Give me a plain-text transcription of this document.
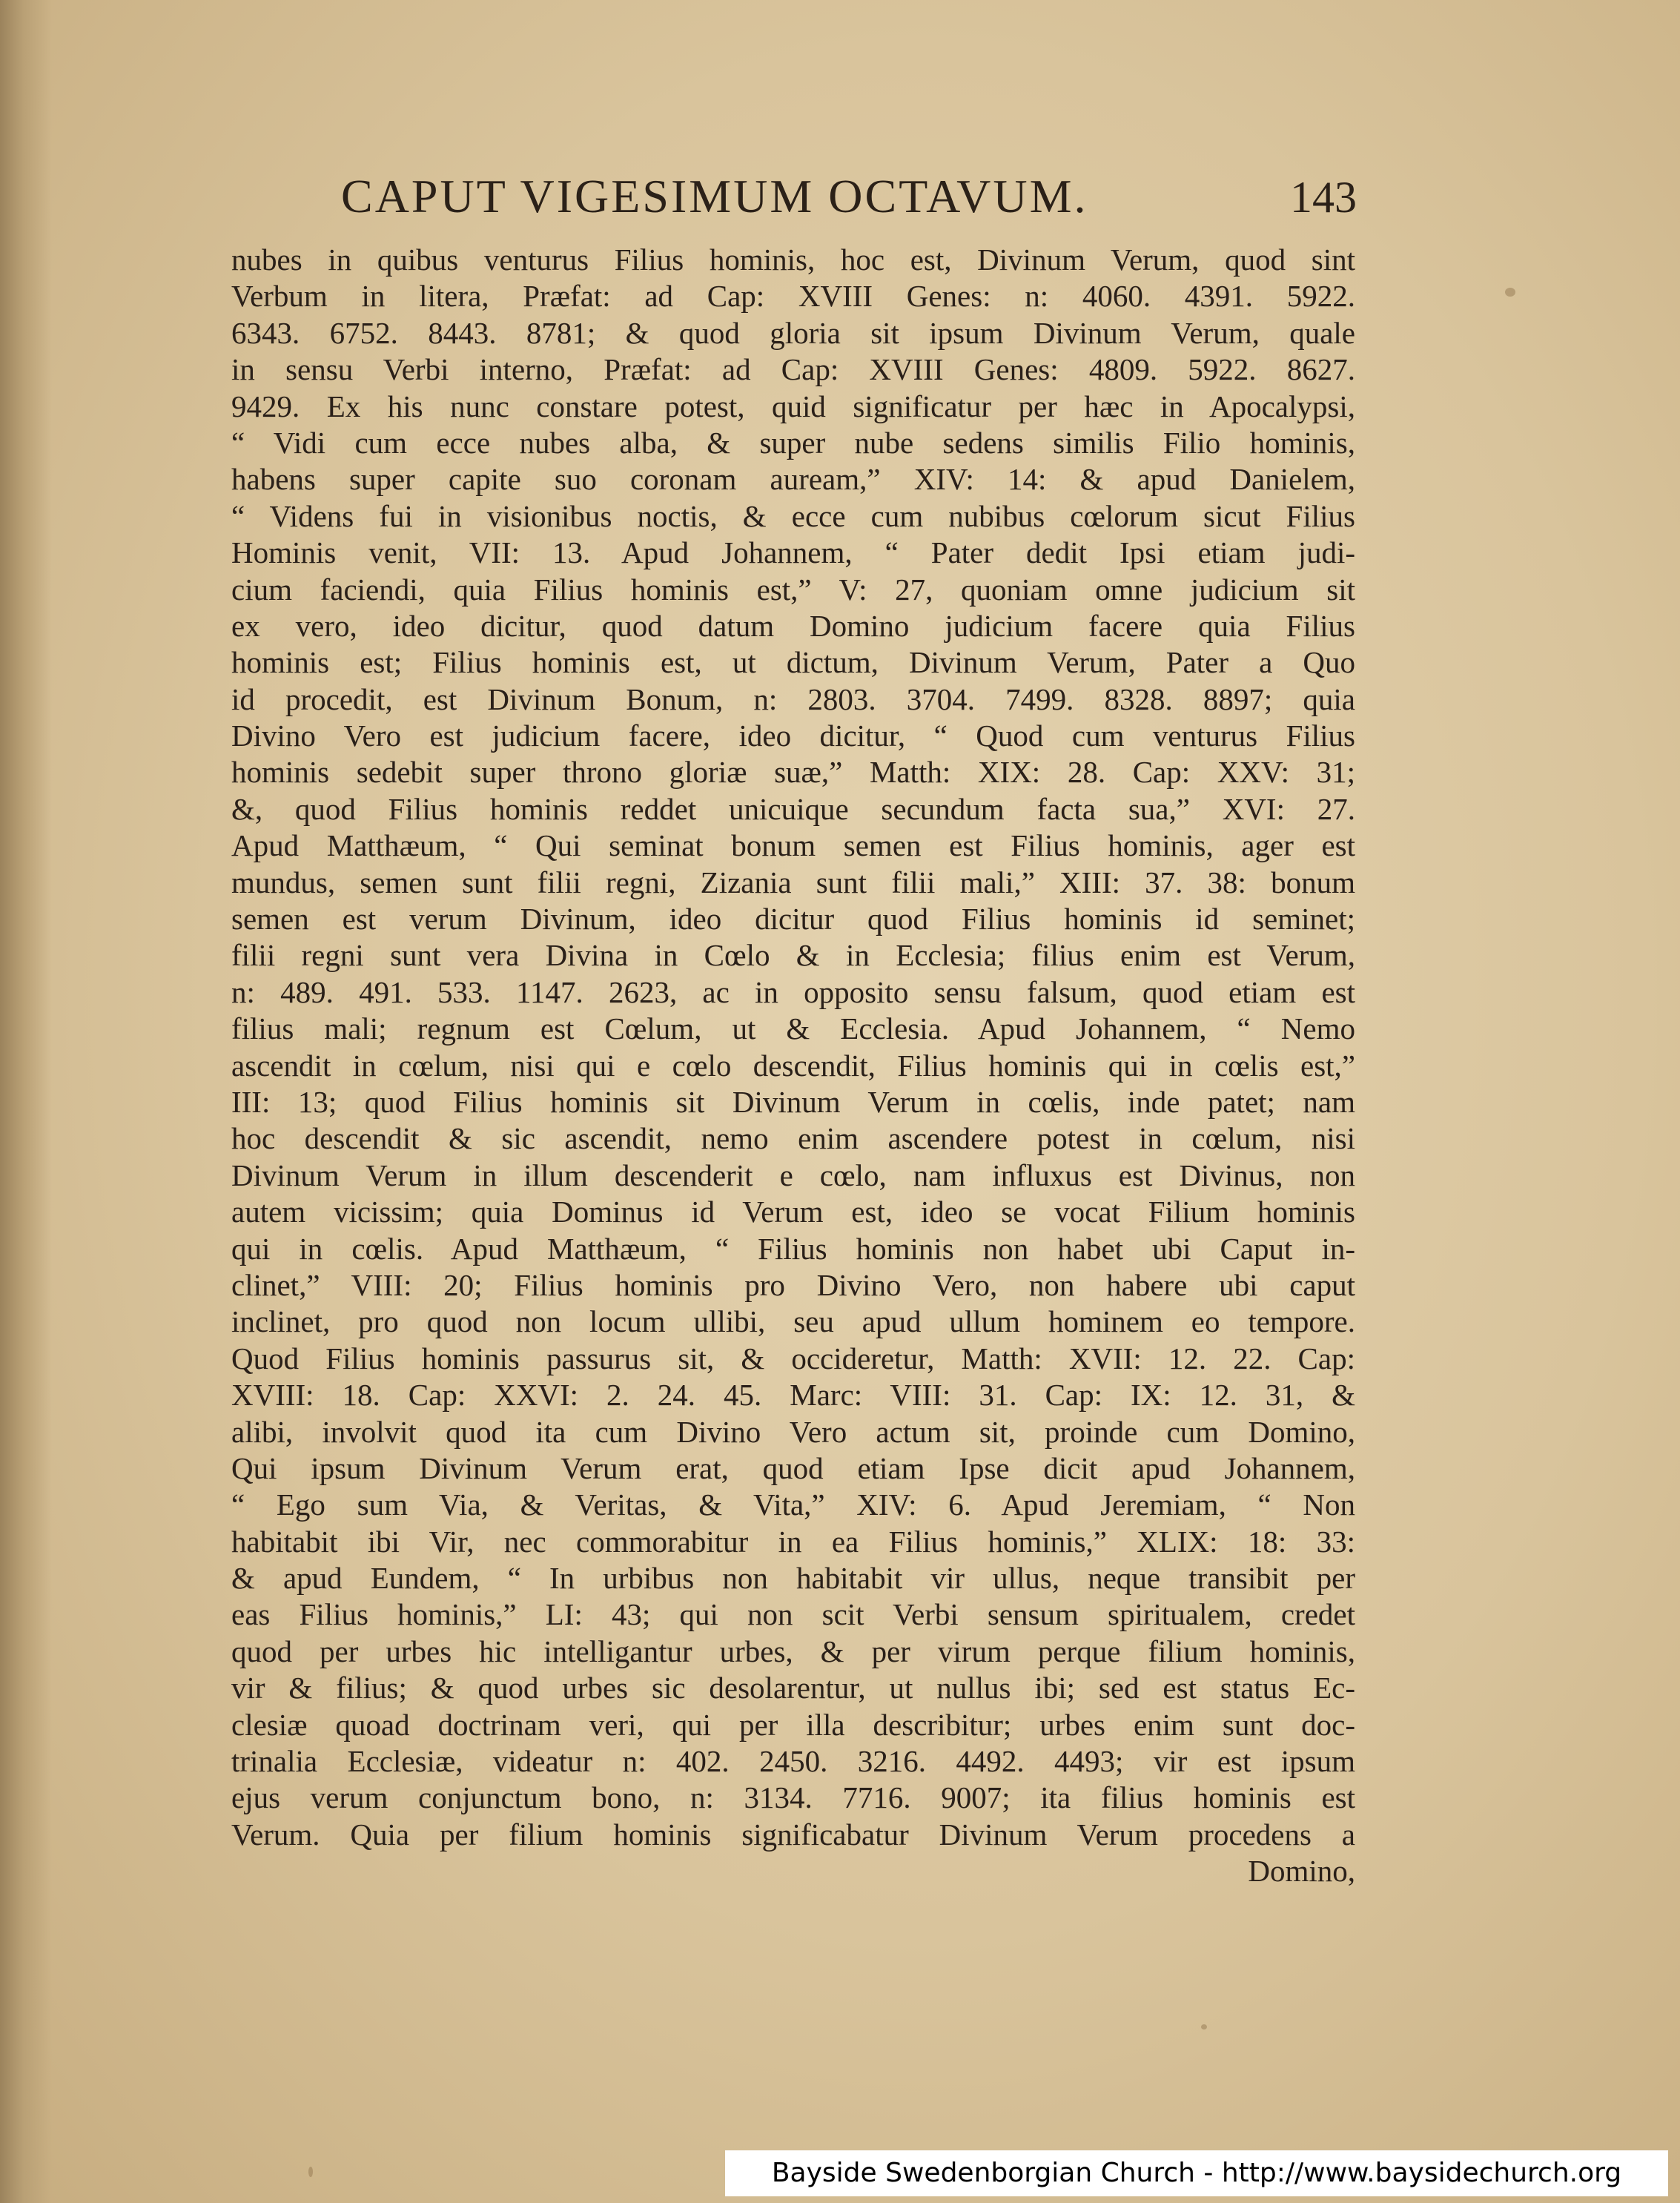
CAPUT VIGESIMUM OCTAVUM.	143
nubes in quibus venturus Filius hominis, hoc est, Divinum Verum, quod sint
Verbum in litera, Præfat: ad Cap: XVIII Genes: n: 4060. 4391. 5922.
6343. 6752. 8443. 8781; & quod gloria sit ipsum Divinum Verum, quale
in sensu Verbi interno, Præfat: ad Cap: XVIII Genes: 4809. 5922. 8627.
9429. Ex his nunc constare potest, quid significatur per hæc in Apocalypsi,
“ Vidi cum ecce nubes alba, & super nube sedens similis Filio hominis,
habens super capite suo coronam auream,” XIV: 14: & apud Danielem,
“ Videns fui in visionibus noctis, & ecce cum nubibus cœlorum sicut Filius
Hominis venit, VII: 13. Apud Johannem, “ Pater dedit Ipsi etiam judi-
cium faciendi, quia Filius hominis est,” V: 27, quoniam omne judicium sit
ex vero, ideo dicitur, quod datum Domino judicium facere quia Filius
hominis est; Filius hominis est, ut dictum, Divinum Verum, Pater a Quo
id procedit, est Divinum Bonum, n: 2803. 3704. 7499. 8328. 8897; quia
Divino Vero est judicium facere, ideo dicitur, “ Quod cum venturus Filius
hominis sedebit super throno gloriæ suæ,” Matth: XIX: 28. Cap: XXV: 31;
&, quod Filius hominis reddet unicuique secundum facta sua,” XVI: 27.
Apud Matthæum, “ Qui seminat bonum semen est Filius hominis, ager est
mundus, semen sunt filii regni, Zizania sunt filii mali,” XIII: 37. 38: bonum
semen est verum Divinum, ideo dicitur quod Filius hominis id seminet;
filii regni sunt vera Divina in Cœlo & in Ecclesia; filius enim est Verum,
n: 489. 491. 533. 1147. 2623, ac in opposito sensu falsum, quod etiam est
filius mali; regnum est Cœlum, ut & Ecclesia. Apud Johannem, “ Nemo
ascendit in cœlum, nisi qui e cœlo descendit, Filius hominis qui in cœlis est,”
III: 13; quod Filius hominis sit Divinum Verum in cœlis, inde patet; nam
hoc descendit & sic ascendit, nemo enim ascendere potest in cœlum, nisi
Divinum Verum in illum descenderit e cœlo, nam influxus est Divinus, non
autem vicissim; quia Dominus id Verum est, ideo se vocat Filium hominis
qui in cœlis. Apud Matthæum, “ Filius hominis non habet ubi Caput in-
clinet,” VIII: 20; Filius hominis pro Divino Vero, non habere ubi caput
inclinet, pro quod non locum ullibi, seu apud ullum hominem eo tempore.
Quod Filius hominis passurus sit, & occideretur, Matth: XVII: 12. 22. Cap:
XVIII: 18. Cap: XXVI: 2. 24. 45. Marc: VIII: 31. Cap: IX: 12. 31, &
alibi, involvit quod ita cum Divino Vero actum sit, proinde cum Domino,
Qui ipsum Divinum Verum erat, quod etiam Ipse dicit apud Johannem,
“ Ego sum Via, & Veritas, & Vita,” XIV: 6. Apud Jeremiam, “ Non
habitabit ibi Vir, nec commorabitur in ea Filius hominis,” XLIX: 18: 33:
& apud Eundem, “ In urbibus non habitabit vir ullus, neque transibit per
eas Filius hominis,” LI: 43; qui non scit Verbi sensum spiritualem, credet
quod per urbes hic intelligantur urbes, & per virum perque filium hominis,
vir & filius; & quod urbes sic desolarentur, ut nullus ibi; sed est status Ec-
clesiæ quoad doctrinam veri, qui per illa describitur; urbes enim sunt doc-
trinalia Ecclesiæ, videatur n: 402. 2450. 3216. 4492. 4493; vir est ipsum
ejus verum conjunctum bono, n: 3134. 7716. 9007; ita filius hominis est
Verum. Quia per filium hominis significabatur Divinum Verum procedens a
Domino,
Bayside Swedenborgian Church - http://www.baysidechurch.org
